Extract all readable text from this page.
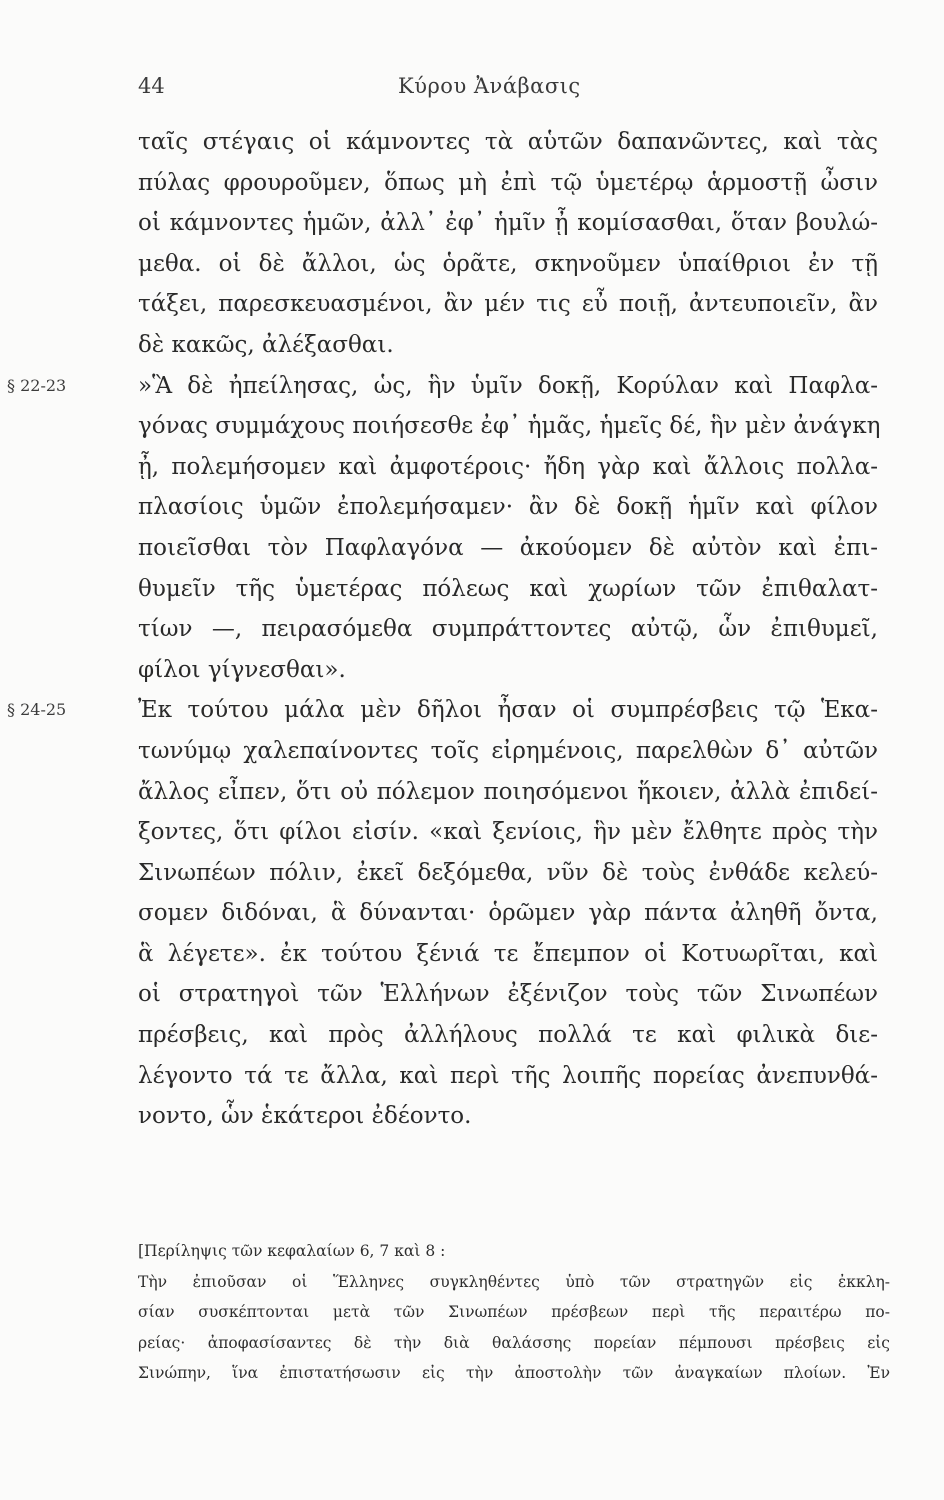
44	Κύρου Ἀνάβασις
ταῖς στέγαις οἱ κάμνοντες τὰ αὑτῶν δαπανῶντες, καὶ τὰς
πύλας φρουροῦμεν, ὅπως μὴ ἐπὶ τῷ ὑμετέρῳ ἁρμοστῇ ὦσιν
οἱ κάμνοντες ἡμῶν, ἀλλ᾽ ἐφ᾽ ἡμῖν ᾖ κομίσασθαι, ὅταν βουλώ-
μεθα. οἱ δὲ ἄλλοι, ὡς ὁρᾶτε, σκηνοῦμεν ὑπαίθριοι ἐν τῇ
τάξει, παρεσκευασμένοι, ἂν μέν τις εὖ ποιῇ, ἀντευποιεῖν, ἂν
δὲ κακῶς, ἀλέξασθαι.
§ 22-23	»Ἃ δὲ ἠπείλησας, ὡς, ἣν ὑμῖν δοκῇ, Κορύλαν καὶ Παφλα-
γόνας συμμάχους ποιήσεσθε ἐφ᾽ ἡμᾶς, ἡμεῖς δέ, ἣν μὲν ἀνάγκη
ᾖ, πολεμήσομεν καὶ ἀμφοτέροις· ἤδη γὰρ καὶ ἄλλοις πολλα-
πλασίοις ὑμῶν ἐπολεμήσαμεν· ἂν δὲ δοκῇ ἡμῖν καὶ φίλον
ποιεῖσθαι τὸν Παφλαγόνα — ἀκούομεν δὲ αὐτὸν καὶ ἐπι-
θυμεῖν τῆς ὑμετέρας πόλεως καὶ χωρίων τῶν ἐπιθαλατ-
τίων —, πειρασόμεθα συμπράττοντες αὐτῷ, ὧν ἐπιθυμεῖ,
φίλοι γίγνεσθαι».
§ 24-25	Ἐκ τούτου μάλα μὲν δῆλοι ἦσαν οἱ συμπρέσβεις τῷ Ἑκα-
τωνύμῳ χαλεπαίνοντες τοῖς εἰρημένοις, παρελθὼν δ᾽ αὐτῶν
ἄλλος εἶπεν, ὅτι οὐ πόλεμον ποιησόμενοι ἥκοιεν, ἀλλὰ ἐπιδεί-
ξοντες, ὅτι φίλοι εἰσίν. «καὶ ξενίοις, ἣν μὲν ἔλθητε πρὸς τὴν
Σινωπέων πόλιν, ἐκεῖ δεξόμεθα, νῦν δὲ τοὺς ἐνθάδε κελεύ-
σομεν διδόναι, ἃ δύνανται· ὁρῶμεν γὰρ πάντα ἀληθῆ ὄντα,
ἃ λέγετε». ἐκ τούτου ξένιά τε ἔπεμπον οἱ Κοτυωρῖται, καὶ
οἱ στρατηγοὶ τῶν Ἑλλήνων ἐξένιζον τοὺς τῶν Σινωπέων
πρέσβεις, καὶ πρὸς ἀλλήλους πολλά τε καὶ φιλικὰ διε-
λέγοντο τά τε ἄλλα, καὶ περὶ τῆς λοιπῆς πορείας ἀνεπυνθά-
νοντο, ὧν ἑκάτεροι ἐδέοντο.
[Περίληψις τῶν κεφαλαίων 6, 7 καὶ 8 :
Τὴν ἐπιοῦσαν οἱ Ἕλληνες συγκληθέντες ὑπὸ τῶν στρατηγῶν εἰς ἐκκλη-
σίαν συσκέπτονται μετὰ τῶν Σινωπέων πρέσβεων περὶ τῆς περαιτέρω πο-
ρείας· ἀποφασίσαντες δὲ τὴν διὰ θαλάσσης πορείαν πέμπουσι πρέσβεις εἰς
Σινώπην, ἵνα ἐπιστατήσωσιν εἰς τὴν ἀποστολὴν τῶν ἀναγκαίων πλοίων. Ἐν
